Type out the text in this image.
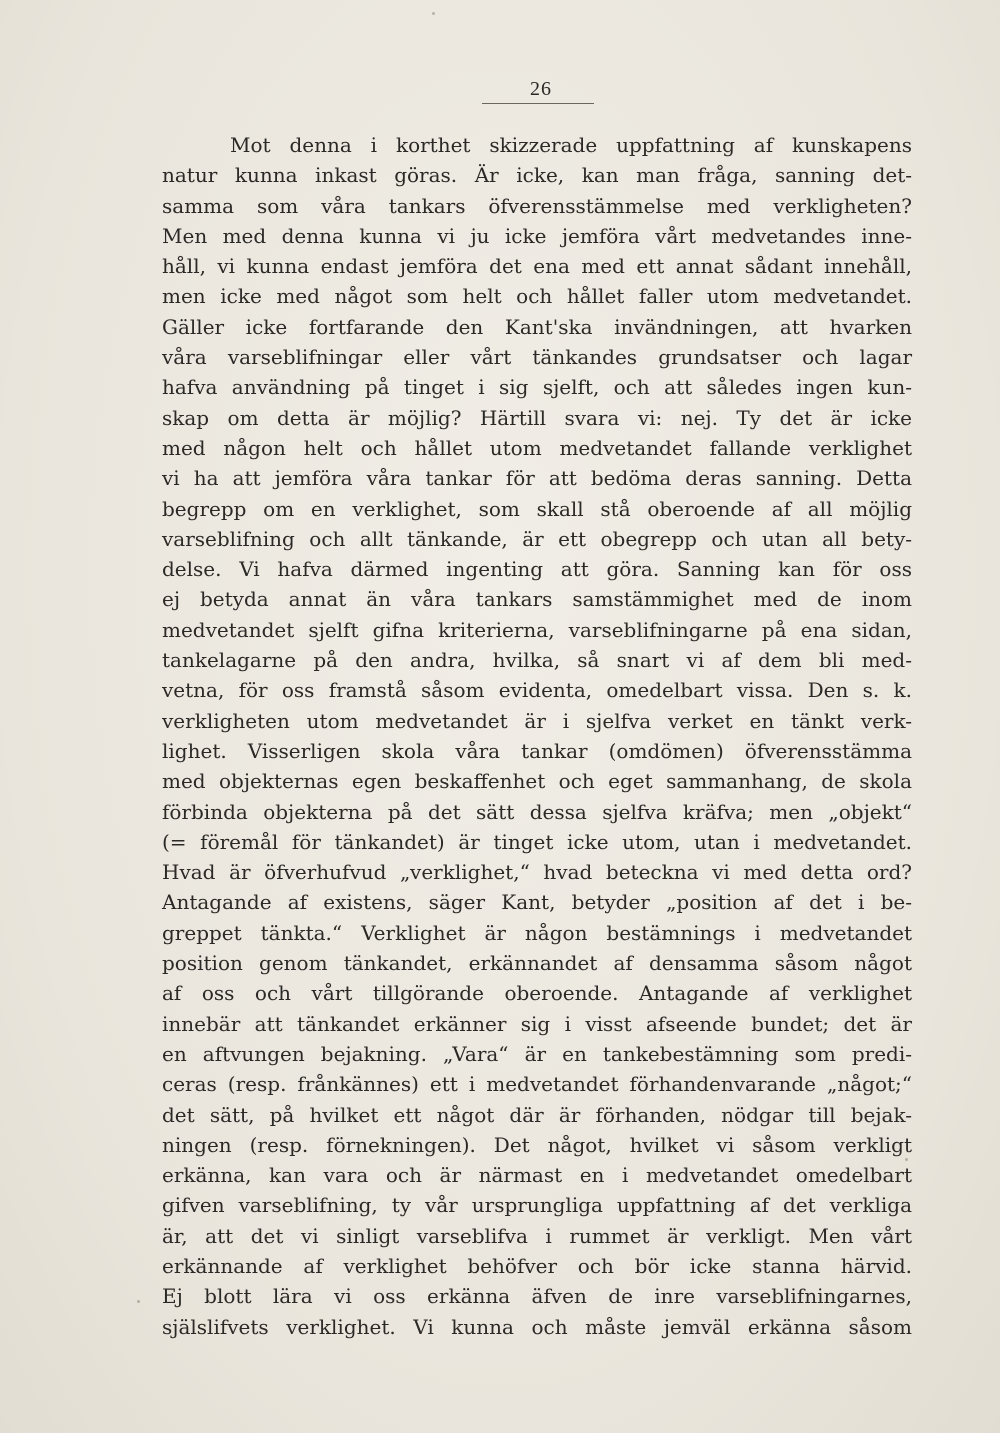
26
Mot denna i korthet skizzerade uppfattning af kunskapens
natur kunna inkast göras. Är icke, kan man fråga, sanning det-
samma som våra tankars öfverensstämmelse med verkligheten?
Men med denna kunna vi ju icke jemföra vårt medvetandes inne-
håll, vi kunna endast jemföra det ena med ett annat sådant innehåll,
men icke med något som helt och hållet faller utom medvetandet.
Gäller icke fortfarande den Kant'ska invändningen, att hvarken
våra varseblifningar eller vårt tänkandes grundsatser och lagar
hafva användning på tinget i sig sjelft, och att således ingen kun-
skap om detta är möjlig? Härtill svara vi: nej. Ty det är icke
med någon helt och hållet utom medvetandet fallande verklighet
vi ha att jemföra våra tankar för att bedöma deras sanning. Detta
begrepp om en verklighet, som skall stå oberoende af all möjlig
varseblifning och allt tänkande, är ett obegrepp och utan all bety-
delse. Vi hafva därmed ingenting att göra. Sanning kan för oss
ej betyda annat än våra tankars samstämmighet med de inom
medvetandet sjelft gifna kriterierna, varseblifningarne på ena sidan,
tankelagarne på den andra, hvilka, så snart vi af dem bli med-
vetna, för oss framstå såsom evidenta, omedelbart vissa. Den s. k.
verkligheten utom medvetandet är i sjelfva verket en tänkt verk-
lighet. Visserligen skola våra tankar (omdömen) öfverensstämma
med objekternas egen beskaffenhet och eget sammanhang, de skola
förbinda objekterna på det sätt dessa sjelfva kräfva; men „objekt“
(= föremål för tänkandet) är tinget icke utom, utan i medvetandet.
Hvad är öfverhufvud „verklighet,“ hvad beteckna vi med detta ord?
Antagande af existens, säger Kant, betyder „position af det i be-
greppet tänkta.“ Verklighet är någon bestämnings i medvetandet
position genom tänkandet, erkännandet af densamma såsom något
af oss och vårt tillgörande oberoende. Antagande af verklighet
innebär att tänkandet erkänner sig i visst afseende bundet; det är
en aftvungen bejakning. „Vara“ är en tankebestämning som predi-
ceras (resp. frånkännes) ett i medvetandet förhandenvarande „något;“
det sätt, på hvilket ett något där är förhanden, nödgar till bejak-
ningen (resp. förnekningen). Det något, hvilket vi såsom verkligt
erkänna, kan vara och är närmast en i medvetandet omedelbart
gifven varseblifning, ty vår ursprungliga uppfattning af det verkliga
är, att det vi sinligt varseblifva i rummet är verkligt. Men vårt
erkännande af verklighet behöfver och bör icke stanna härvid.
Ej blott lära vi oss erkänna äfven de inre varseblifningarnes,
själslifvets verklighet. Vi kunna och måste jemväl erkänna såsom
